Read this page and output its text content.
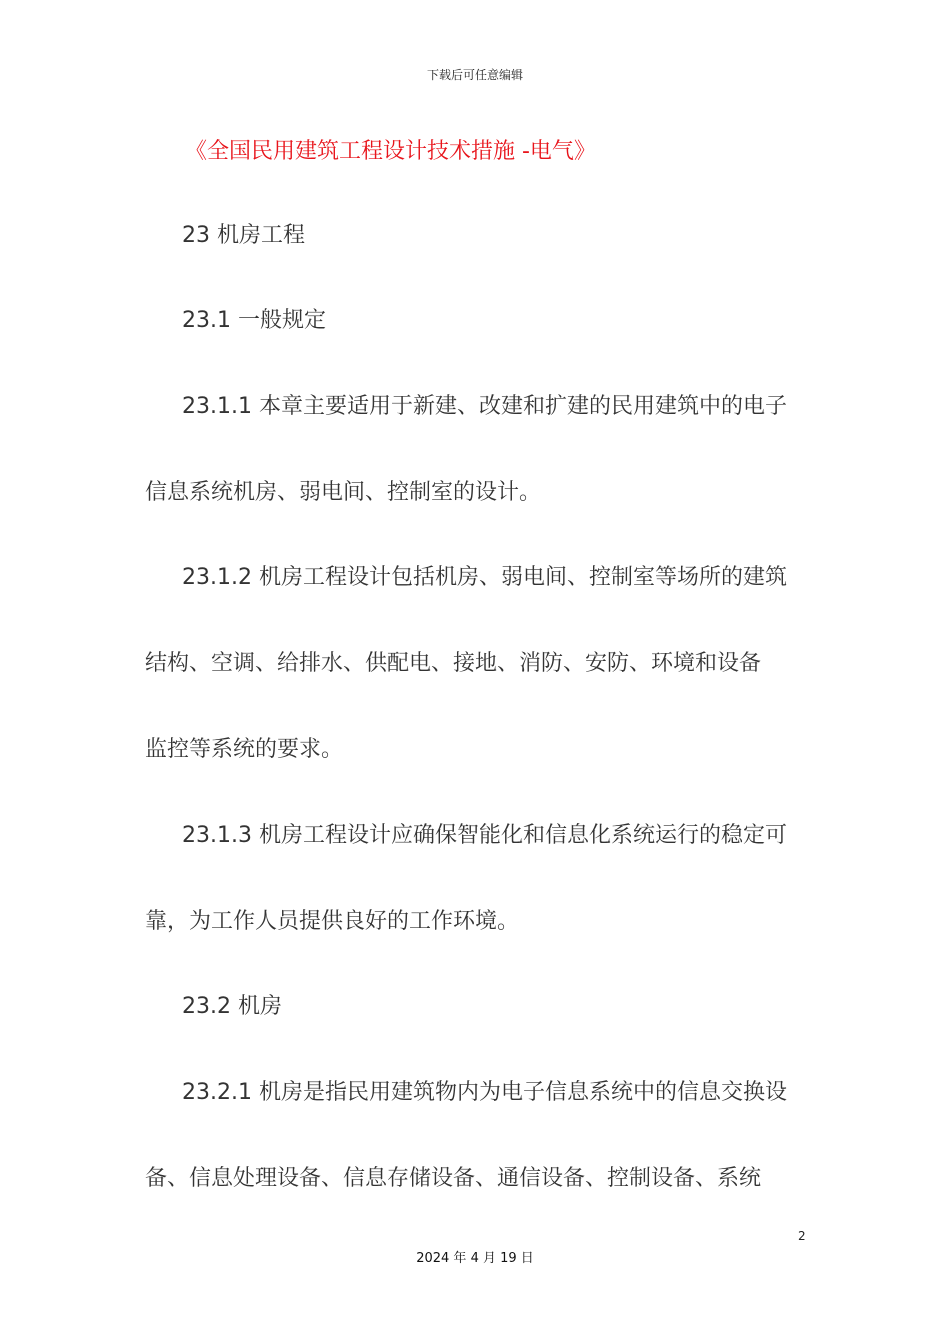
下载后可任意编辑
《全国民用建筑工程设计技术措施 -电气》
23 机房工程
23.1 一般规定
23.1.1 本章主要适用于新建、改建和扩建的民用建筑中的电子
信息系统机房、弱电间、控制室的设计。
23.1.2 机房工程设计包括机房、弱电间、控制室等场所的建筑
结构、空调、给排水、供配电、接地、消防、安防、环境和设备
监控等系统的要求。
23.1.3 机房工程设计应确保智能化和信息化系统运行的稳定可
靠，为工作人员提供良好的工作环境。
23.2 机房
23.2.1 机房是指民用建筑物内为电子信息系统中的信息交换设
备、信息处理设备、信息存储设备、通信设备、控制设备、系统
2
2024 年 4 月 19 日
